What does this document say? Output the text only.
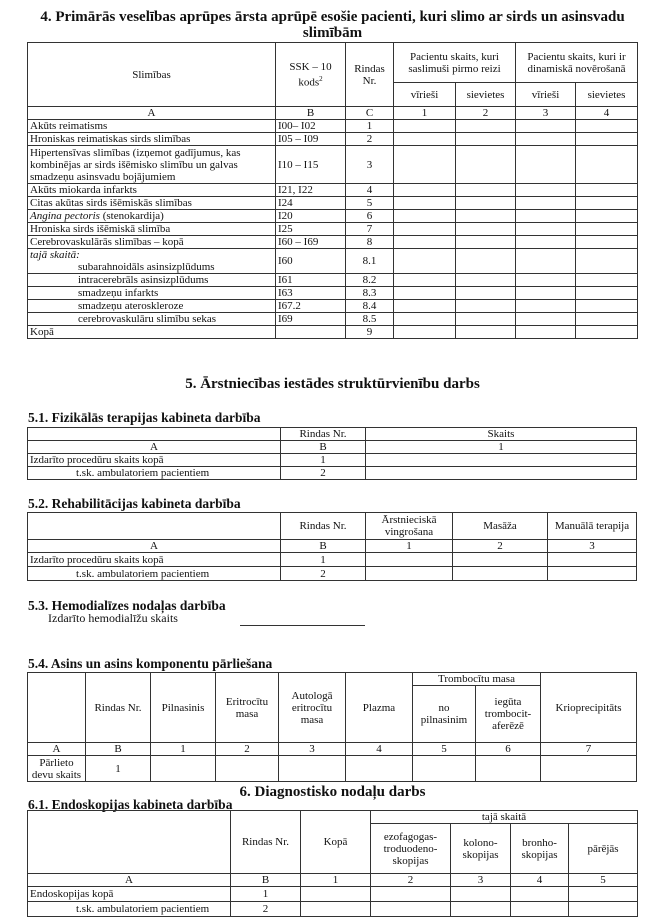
4. Primārās veselības aprūpes ārsta aprūpē esošie pacienti, kuri slimo ar sirds un asinsvadu
slimībām
Slimības	SSK – 10 kods$^2$	Rindas Nr.	Pacientu skaits, kuri saslimuši pirmo reizi		Pacientu skaits, kuri ir dinamiskā novērošanā	
			vīrieši	sievietes	vīrieši	sievietes
A	B	C	1	2	3	4
Akūts reimatisms	I00– I02	1				
Hroniskas reimatiskas sirds slimības	I05 – I09	2				
Hipertensīvas slimības (izņemot gadījumus, kas kombinējas ar sirds išēmisko slimību un galvas smadzeņu asinsvadu bojājumiem	I10 – I15	3				
Akūts miokarda infarkts	I21, I22	4				
Citas akūtas sirds išēmiskās slimības	I24	5				
Angina pectoris (stenokardija)	I20	6				
Hroniska sirds išēmiskā slimība	I25	7				
Cerebrovaskulārās slimības – kopā	I60 – I69	8				

tajā skaitā:
subarahnoidāls asinsizplūdums	I60	8.1				
intracerebrāls asinsizplūdums	I61	8.2				
smadzeņu infarkts	I63	8.3				
smadzeņu ateroskleroze	I67.2	8.4				
cerebrovaskulāru slimību sekas	I69	8.5				
Kopā		9				
5. Ārstniecības iestādes struktūrvienību darbs
5.1. Fizikālās terapijas kabineta darbība
	Rindas Nr.	Skaits
A	B	1
Izdarīto procedūru skaits kopā	1	
t.sk. ambulatoriem pacientiem	2	
5.2. Rehabilitācijas kabineta darbība
	Rindas Nr.	Ārstnieciskā vingrošana	Masāža	Manuālā terapija
A	B	1	2	3
Izdarīto procedūru skaits kopā	1			
t.sk. ambulatoriem pacientiem	2			
5.3. Hemodialīzes nodaļas darbība
Izdarīto hemodialīžu skaits
5.4. Asins un asins komponentu pārliešana
	Rindas Nr.	Pilnasinis	Eritrocītu masa	Autologā eritrocītu masa	Plazma	Trombocītu masa		Krioprecipitāts
						no pilnasinim	iegūta trombocit-aferēzē	
A	B	1	2	3	4	5	6	7
Pārlieto devu skaits	1							
6. Diagnostisko nodaļu darbs
6.1. Endoskopijas kabineta darbība
	Rindas Nr.	Kopā	tajā skaitā			
			ezofagogas-troduodeno-skopijas	kolono-skopijas	bronho-skopijas	pārējās
A	B	1	2	3	4	5
Endoskopijas kopā	1					
t.sk. ambulatoriem pacientiem	2					
